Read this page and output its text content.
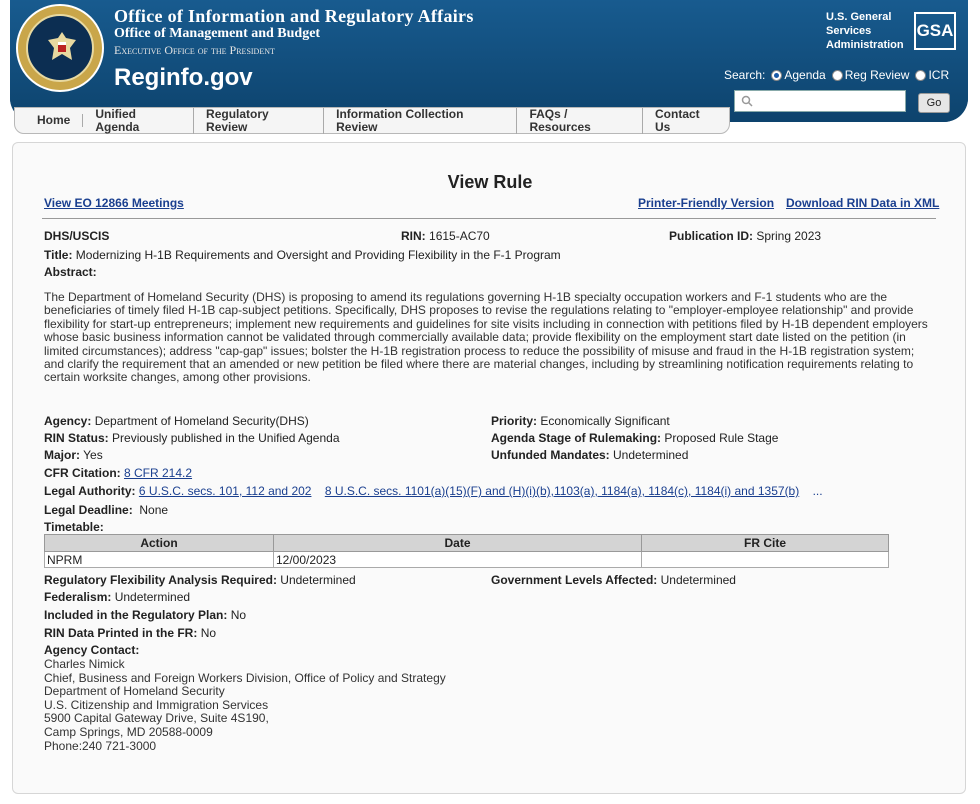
Office of Information and Regulatory Affairs
Office of Management and Budget
Executive Office of the President
Reginfo.gov
U.S. General Services Administration
GSA
Search: Agenda Reg Review ICR
Go
Home	Unified Agenda
Regulatory Review
Information Collection Review
FAQs / Resources
Contact Us
View Rule
View EO 12866 Meetings	Printer-Friendly Version Download RIN Data in XML
DHS/USCIS	RIN: 1615-AC70	Publication ID: Spring 2023
Title: Modernizing H-1B Requirements and Oversight and Providing Flexibility in the F-1 Program
Abstract:
The Department of Homeland Security (DHS) is proposing to amend its regulations governing H-1B specialty occupation workers and F-1 students who are the beneficiaries of timely filed H-1B cap-subject petitions. Specifically, DHS proposes to revise the regulations relating to "employer-employee relationship" and provide flexibility for start-up entrepreneurs; implement new requirements and guidelines for site visits including in connection with petitions filed by H-1B dependent employers whose basic business information cannot be validated through commercially available data; provide flexibility on the employment start date listed on the petition (in limited circumstances); address "cap-gap" issues; bolster the H-1B registration process to reduce the possibility of misuse and fraud in the H-1B registration system; and clarify the requirement that an amended or new petition be filed where there are material changes, including by streamlining notification requirements relating to certain worksite changes, among other provisions.
Agency: Department of Homeland Security(DHS)	Priority: Economically Significant
RIN Status: Previously published in the Unified Agenda	Agenda Stage of Rulemaking: Proposed Rule Stage
Major: Yes	Unfunded Mandates: Undetermined
CFR Citation: 8 CFR 214.2
Legal Authority: 6 U.S.C. secs. 101, 112 and 202 8 U.S.C. secs. 1101(a)(15)(F) and (H)(i)(b),1103(a), 1184(a), 1184(c), 1184(i) and 1357(b) ...
Legal Deadline: None
Timetable:
Action	Date	FR Cite
NPRM	12/00/2023	
Regulatory Flexibility Analysis Required: Undetermined	Government Levels Affected: Undetermined
Federalism: Undetermined
Included in the Regulatory Plan: No
RIN Data Printed in the FR: No
Agency Contact:
Charles Nimick
Chief, Business and Foreign Workers Division, Office of Policy and Strategy
Department of Homeland Security
U.S. Citizenship and Immigration Services
5900 Capital Gateway Drive, Suite 4S190,
Camp Springs, MD 20588-0009
Phone:240 721-3000
